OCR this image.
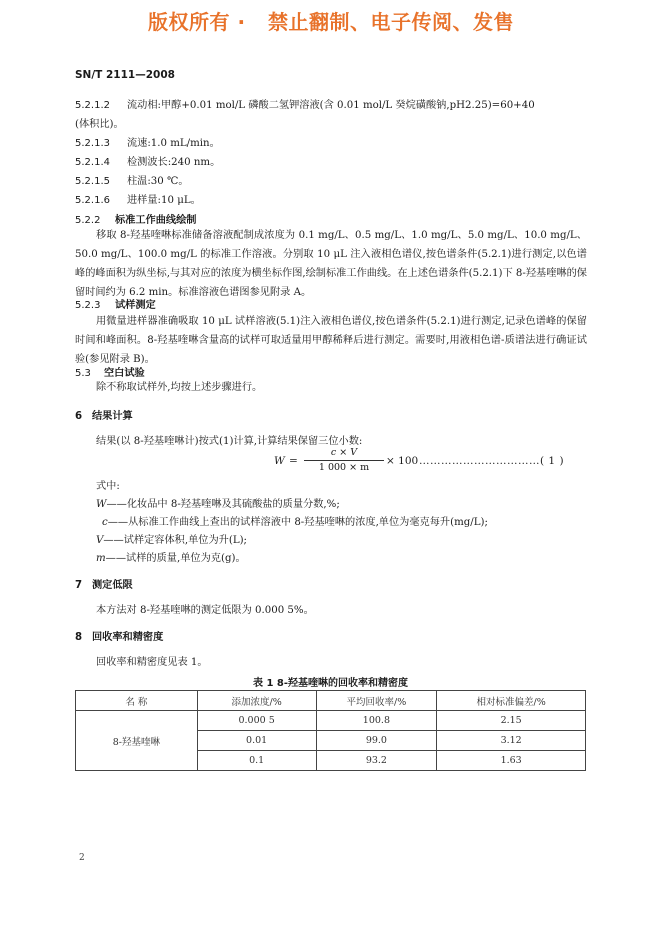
版权所有 ·   禁止翻制、电子传阅、发售
SN/T 2111—2008
5.2.1.2 流动相:甲醇+0.01 mol/L 磷酸二氢钾溶液(含 0.01 mol/L 癸烷磺酸钠,pH2.25)=60+40
(体积比)。
5.2.1.3 流速:1.0 mL/min。
5.2.1.4 检测波长:240 nm。
5.2.1.5 柱温:30 ℃。
5.2.1.6 进样量:10 μL。
5.2.2 标准工作曲线绘制
移取 8-羟基喹啉标准储备溶液配制成浓度为 0.1 mg/L、0.5 mg/L、1.0 mg/L、5.0 mg/L、10.0 mg/L、50.0 mg/L、100.0 mg/L 的标准工作溶液。分别取 10 μL 注入液相色谱仪,按色谱条件(5.2.1)进行测定,以色谱峰的峰面积为纵坐标,与其对应的浓度为横坐标作图,绘制标准工作曲线。在上述色谱条件(5.2.1)下 8-羟基喹啉的保留时间约为 6.2 min。标准溶液色谱图参见附录 A。
5.2.3 试样测定
用微量进样器准确吸取 10 μL 试样溶液(5.1)注入液相色谱仪,按色谱条件(5.2.1)进行测定,记录色谱峰的保留时间和峰面积。8-羟基喹啉含量高的试样可取适量用甲醇稀释后进行测定。需要时,用液相色谱-质谱法进行确证试验(参见附录 B)。
5.3 空白试验
除不称取试样外,均按上述步骤进行。
6 结果计算
结果(以 8-羟基喹啉计)按式(1)计算,计算结果保留三位小数:
W =
c × V
1 000 × m
× 100 ……………………………( 1 )
式中:
W——化妆品中 8-羟基喹啉及其硫酸盐的质量分数,%;
c——从标准工作曲线上查出的试样溶液中 8-羟基喹啉的浓度,单位为毫克每升(mg/L);
V——试样定容体积,单位为升(L);
m——试样的质量,单位为克(g)。
7 测定低限
本方法对 8-羟基喹啉的测定低限为 0.000 5%。
8 回收率和精密度
回收率和精密度见表 1。
表 1 8-羟基喹啉的回收率和精密度
名 称	添加浓度/%	平均回收率/%	相对标准偏差/%
8-羟基喹啉	0.000 5	100.8	2.15
	0.01	99.0	3.12
	0.1	93.2	1.63
2
